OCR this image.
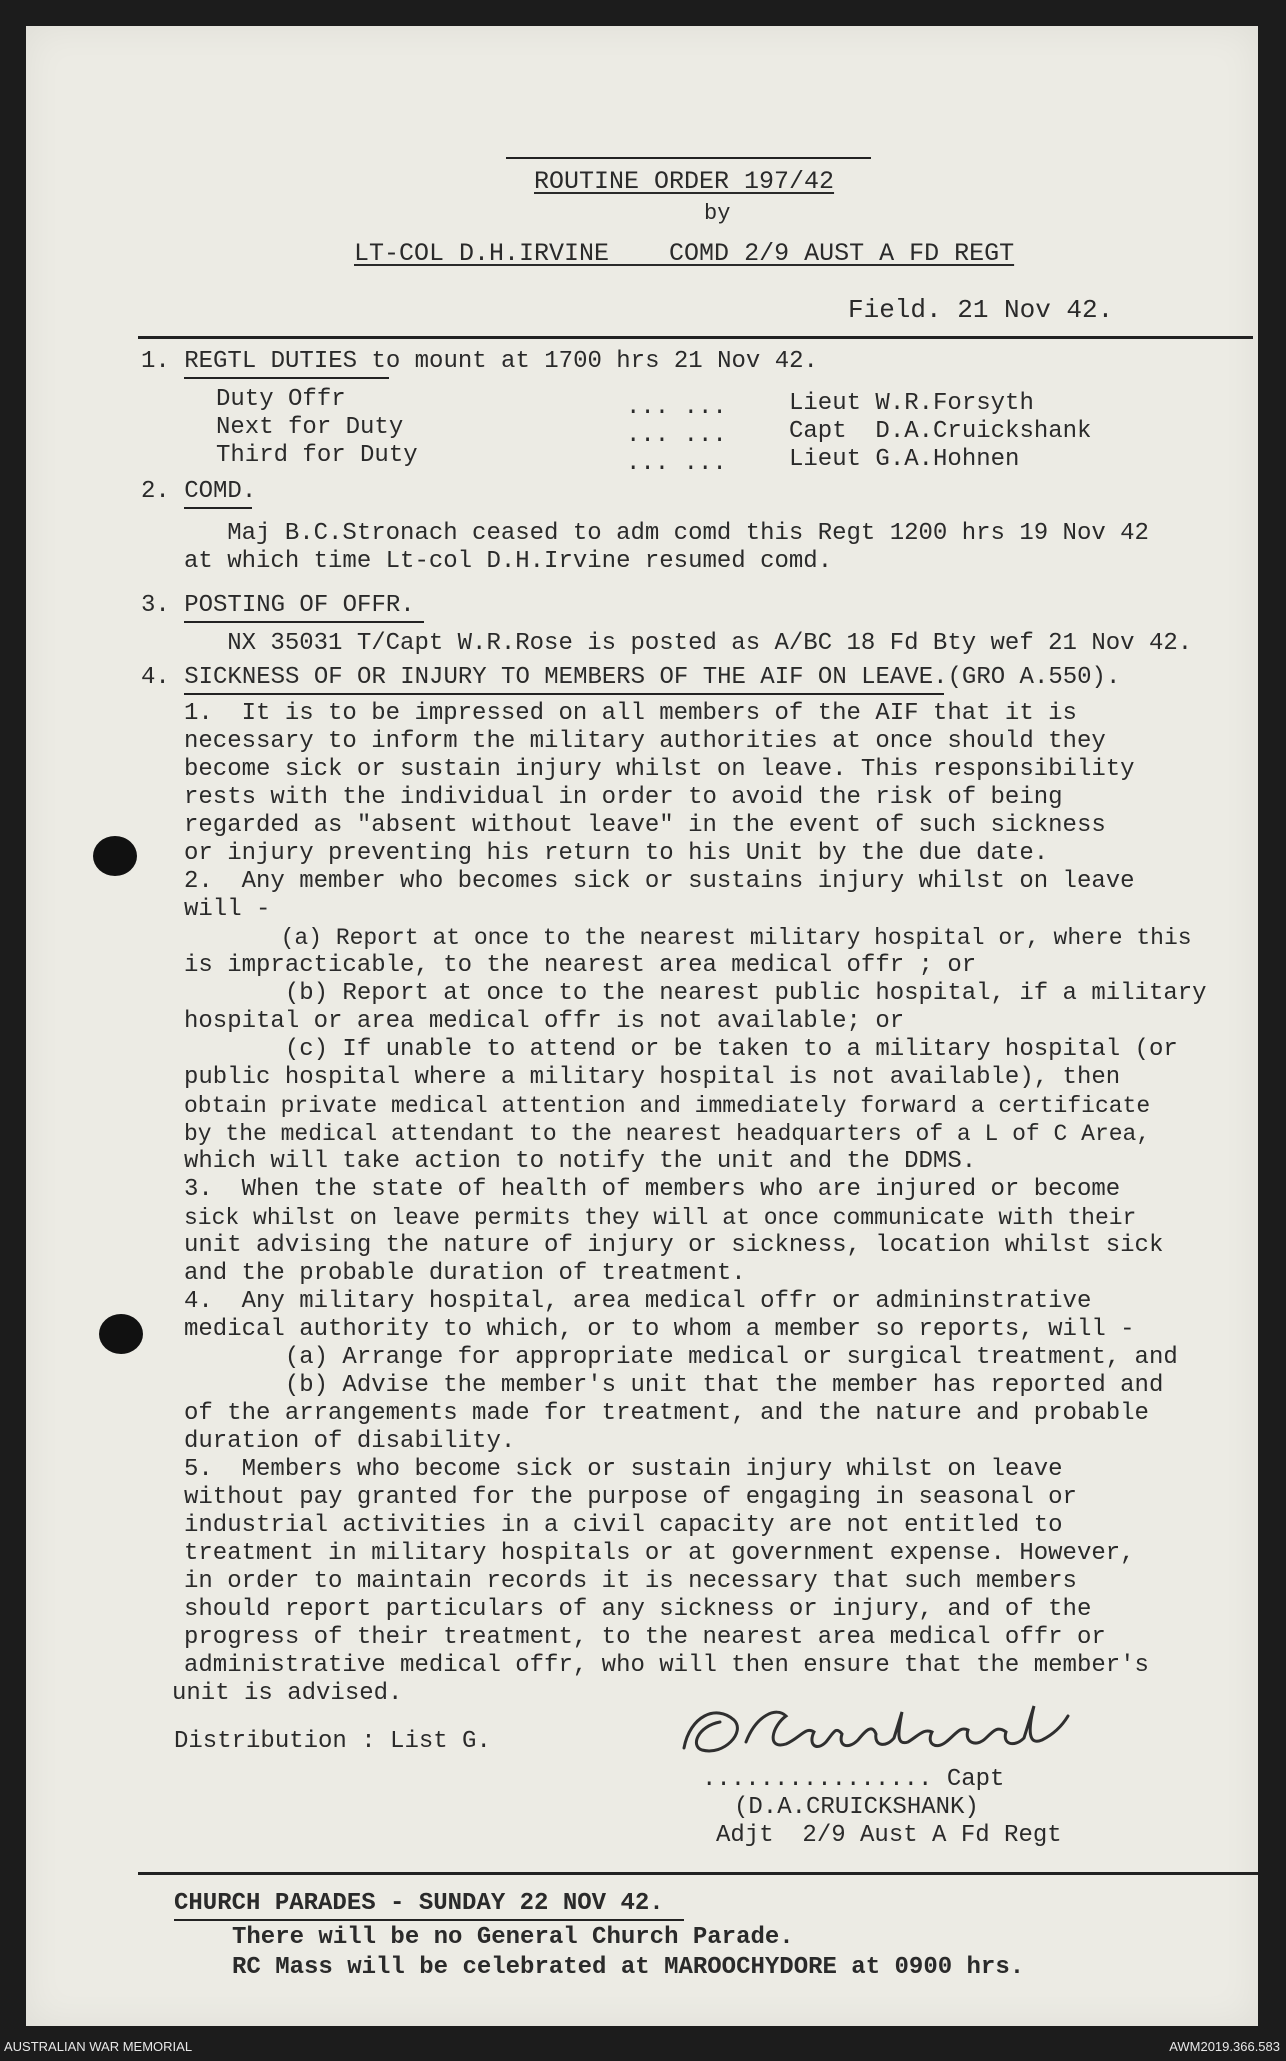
ROUTINE ORDER 197/42
by
LT-COL D.H.IRVINE    COMD 2/9 AUST A FD REGT
Field. 21 Nov 42.
1. REGTL DUTIES to mount at 1700 hrs 21 Nov 42.
Duty Offr	... ...	Lieut W.R.Forsyth
Next for Duty	... ...	Capt  D.A.Cruickshank
Third for Duty	... ...	Lieut G.A.Hohnen
2. COMD.
Maj B.C.Stronach ceased to adm comd this Regt 1200 hrs 19 Nov 42
at which time Lt-col D.H.Irvine resumed comd.
3. POSTING OF OFFR.
NX 35031 T/Capt W.R.Rose is posted as A/BC 18 Fd Bty wef 21 Nov 42.
4. SICKNESS OF OR INJURY TO MEMBERS OF THE AIF ON LEAVE.(GRO A.550).
1.  It is to be impressed on all members of the AIF that it is
necessary to inform the military authorities at once should they
become sick or sustain injury whilst on leave. This responsibility
rests with the individual in order to avoid the risk of being
regarded as "absent without leave" in the event of such sickness
or injury preventing his return to his Unit by the due date.
2.  Any member who becomes sick or sustains injury whilst on leave
will -
(a) Report at once to the nearest military hospital or, where this
is impracticable, to the nearest area medical offr ; or
(b) Report at once to the nearest public hospital, if a military
hospital or area medical offr is not available; or
(c) If unable to attend or be taken to a military hospital (or
public hospital where a military hospital is not available), then
obtain private medical attention and immediately forward a certificate
by the medical attendant to the nearest headquarters of a L of C Area,
which will take action to notify the unit and the DDMS.
3.  When the state of health of members who are injured or become
sick whilst on leave permits they will at once communicate with their
unit advising the nature of injury or sickness, location whilst sick
and the probable duration of treatment.
4.  Any military hospital, area medical offr or admininstrative
medical authority to which, or to whom a member so reports, will -
(a) Arrange for appropriate medical or surgical treatment, and
(b) Advise the member's unit that the member has reported and
of the arrangements made for treatment, and the nature and probable
duration of disability.
5.  Members who become sick or sustain injury whilst on leave
without pay granted for the purpose of engaging in seasonal or
industrial activities in a civil capacity are not entitled to
treatment in military hospitals or at government expense. However,
in order to maintain records it is necessary that such members
should report particulars of any sickness or injury, and of the
progress of their treatment, to the nearest area medical offr or
administrative medical offr, who will then ensure that the member's
unit is advised.
Distribution : List G.
................ Capt
(D.A.CRUICKSHANK)
Adjt  2/9 Aust A Fd Regt
CHURCH PARADES - SUNDAY 22 NOV 42.
There will be no General Church Parade.
RC Mass will be celebrated at MAROOCHYDORE at 0900 hrs.
AUSTRALIAN WAR MEMORIAL	AWM2019.366.583
